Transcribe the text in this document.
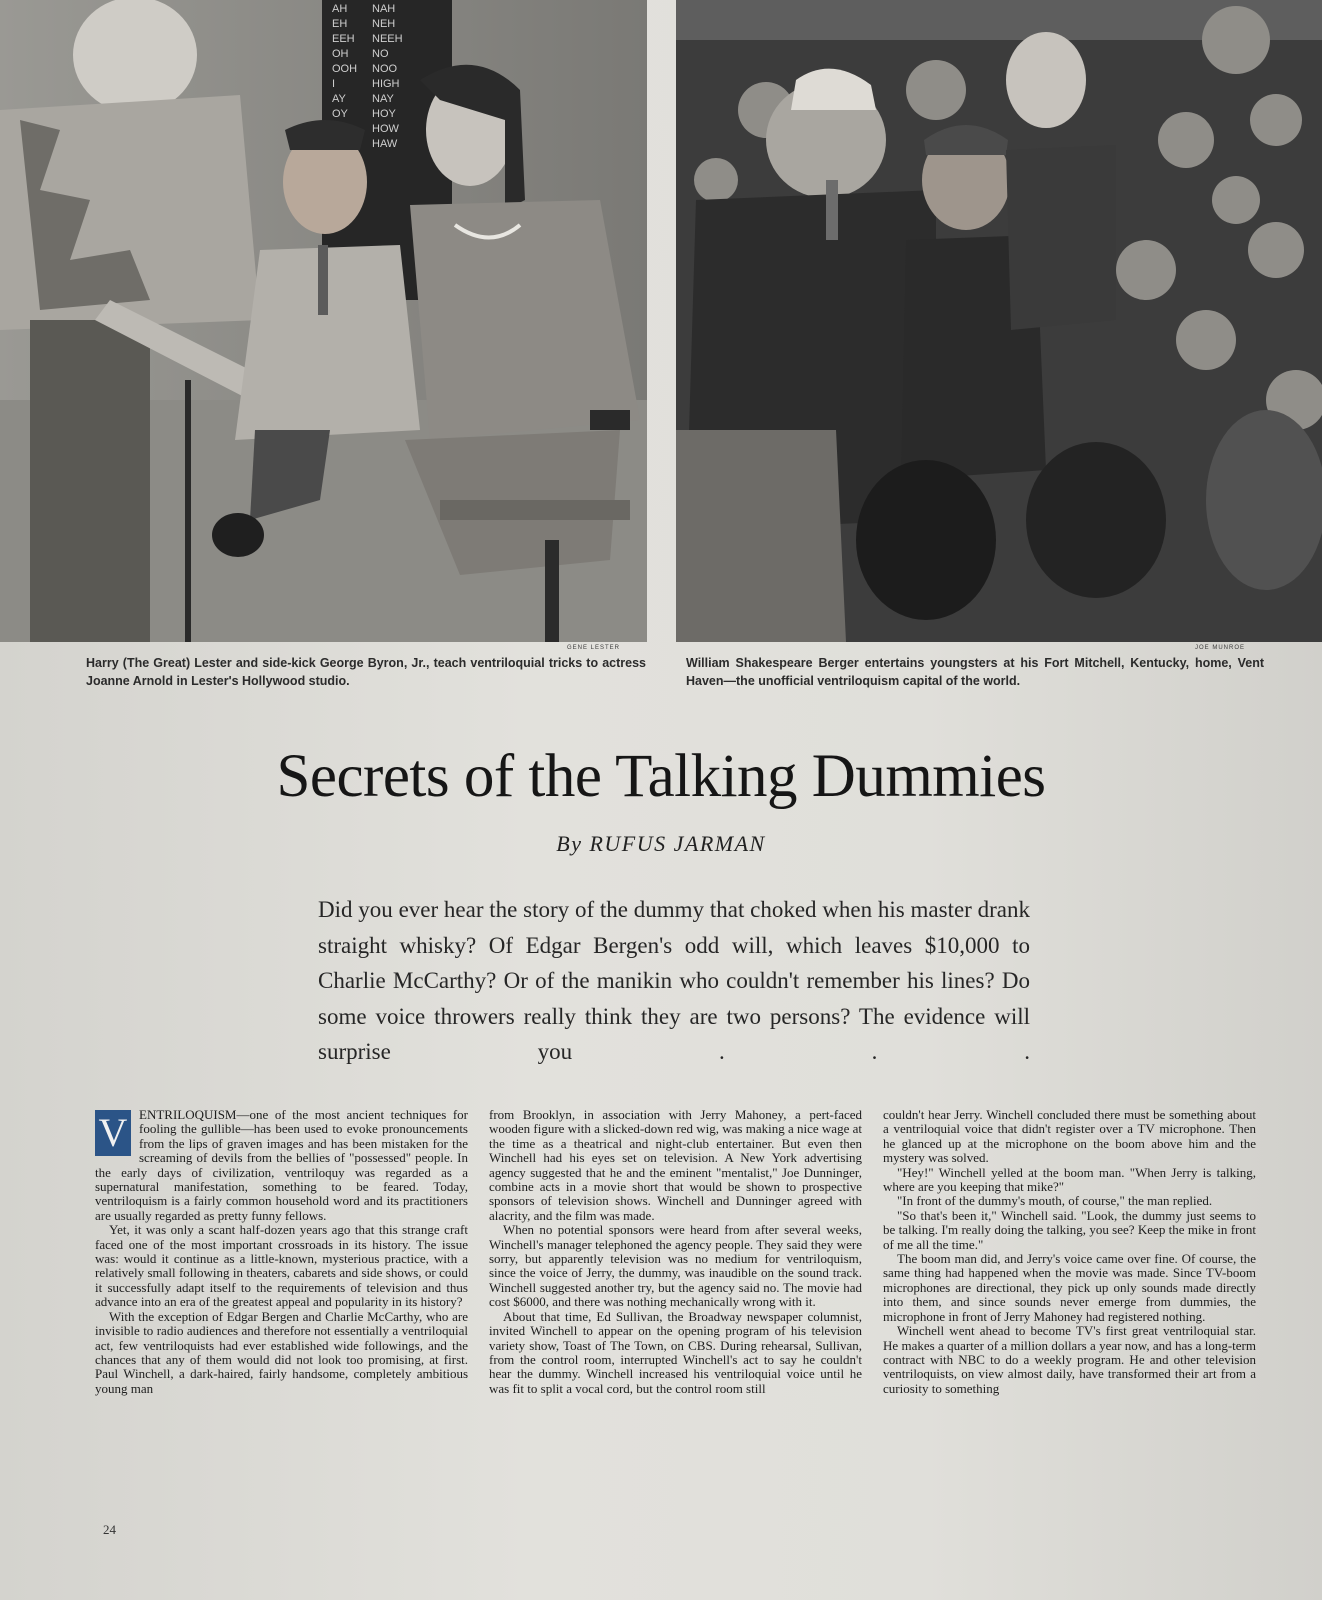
AH NAH
EH NEH
EEH NEEH
OH NO
OOH NOO
I	HIGH
AY NAY
OY HOY
HOW
HAW
GENE LESTER
Harry (The Great) Lester and side-kick George Byron, Jr., teach ventriloquial tricks to actress Joanne Arnold in Lester's Hollywood studio.
JOE MUNROE
William Shakespeare Berger entertains youngsters at his Fort Mitchell, Kentucky, home, Vent Haven—the unofficial ventriloquism capital of the world.
Secrets of the Talking Dummies
By RUFUS JARMAN
Did you ever hear the story of the dummy that choked when his master drank straight whisky? Of Edgar Bergen's odd will, which leaves $10,000 to Charlie McCarthy? Or of the manikin who couldn't remember his lines? Do some voice throwers really think they are two persons? The evidence will surprise you . . .
V ENTRILOQUISM—one of the most ancient techniques for fooling the gullible—has been used to evoke pronouncements from the lips of graven images and has been mistaken for the screaming of devils from the bellies of "possessed" people. In the early days of civilization, ventriloquy was regarded as a supernatural manifestation, something to be feared. Today, ventriloquism is a fairly common household word and its practitioners are usually regarded as pretty funny fellows.

Yet, it was only a scant half-dozen years ago that this strange craft faced one of the most important crossroads in its history. The issue was: would it continue as a little-known, mysterious practice, with a relatively small following in theaters, cabarets and side shows, or could it successfully adapt itself to the requirements of television and thus advance into an era of the greatest appeal and popularity in its history?

With the exception of Edgar Bergen and Charlie McCarthy, who are invisible to radio audiences and therefore not essentially a ventriloquial act, few ventriloquists had ever established wide followings, and the chances that any of them would did not look too promising, at first. Paul Winchell, a dark-haired, fairly handsome, completely ambitious young man

from Brooklyn, in association with Jerry Mahoney, a pert-faced wooden figure with a slicked-down red wig, was making a nice wage at the time as a theatrical and night-club entertainer. But even then Winchell had his eyes set on television. A New York advertising agency suggested that he and the eminent "mentalist," Joe Dunninger, combine acts in a movie short that would be shown to prospective sponsors of television shows. Winchell and Dunninger agreed with alacrity, and the film was made.

When no potential sponsors were heard from after several weeks, Winchell's manager telephoned the agency people. They said they were sorry, but apparently television was no medium for ventriloquism, since the voice of Jerry, the dummy, was inaudible on the sound track. Winchell suggested another try, but the agency said no. The movie had cost $6000, and there was nothing mechanically wrong with it.

About that time, Ed Sullivan, the Broadway newspaper columnist, invited Winchell to appear on the opening program of his television variety show, Toast of The Town, on CBS. During rehearsal, Sullivan, from the control room, interrupted Winchell's act to say he couldn't hear the dummy. Winchell increased his ventriloquial voice until he was fit to split a vocal cord, but the control room still

couldn't hear Jerry. Winchell concluded there must be something about a ventriloquial voice that didn't register over a TV microphone. Then he glanced up at the microphone on the boom above him and the mystery was solved.

"Hey!" Winchell yelled at the boom man. "When Jerry is talking, where are you keeping that mike?"

"In front of the dummy's mouth, of course," the man replied.

"So that's been it," Winchell said. "Look, the dummy just seems to be talking. I'm really doing the talking, you see? Keep the mike in front of me all the time."

The boom man did, and Jerry's voice came over fine. Of course, the same thing had happened when the movie was made. Since TV-boom microphones are directional, they pick up only sounds made directly into them, and since sounds never emerge from dummies, the microphone in front of Jerry Mahoney had registered nothing.

Winchell went ahead to become TV's first great ventriloquial star. He makes a quarter of a million dollars a year now, and has a long-term contract with NBC to do a weekly program. He and other television ventriloquists, on view almost daily, have transformed their art from a curiosity to something

24
